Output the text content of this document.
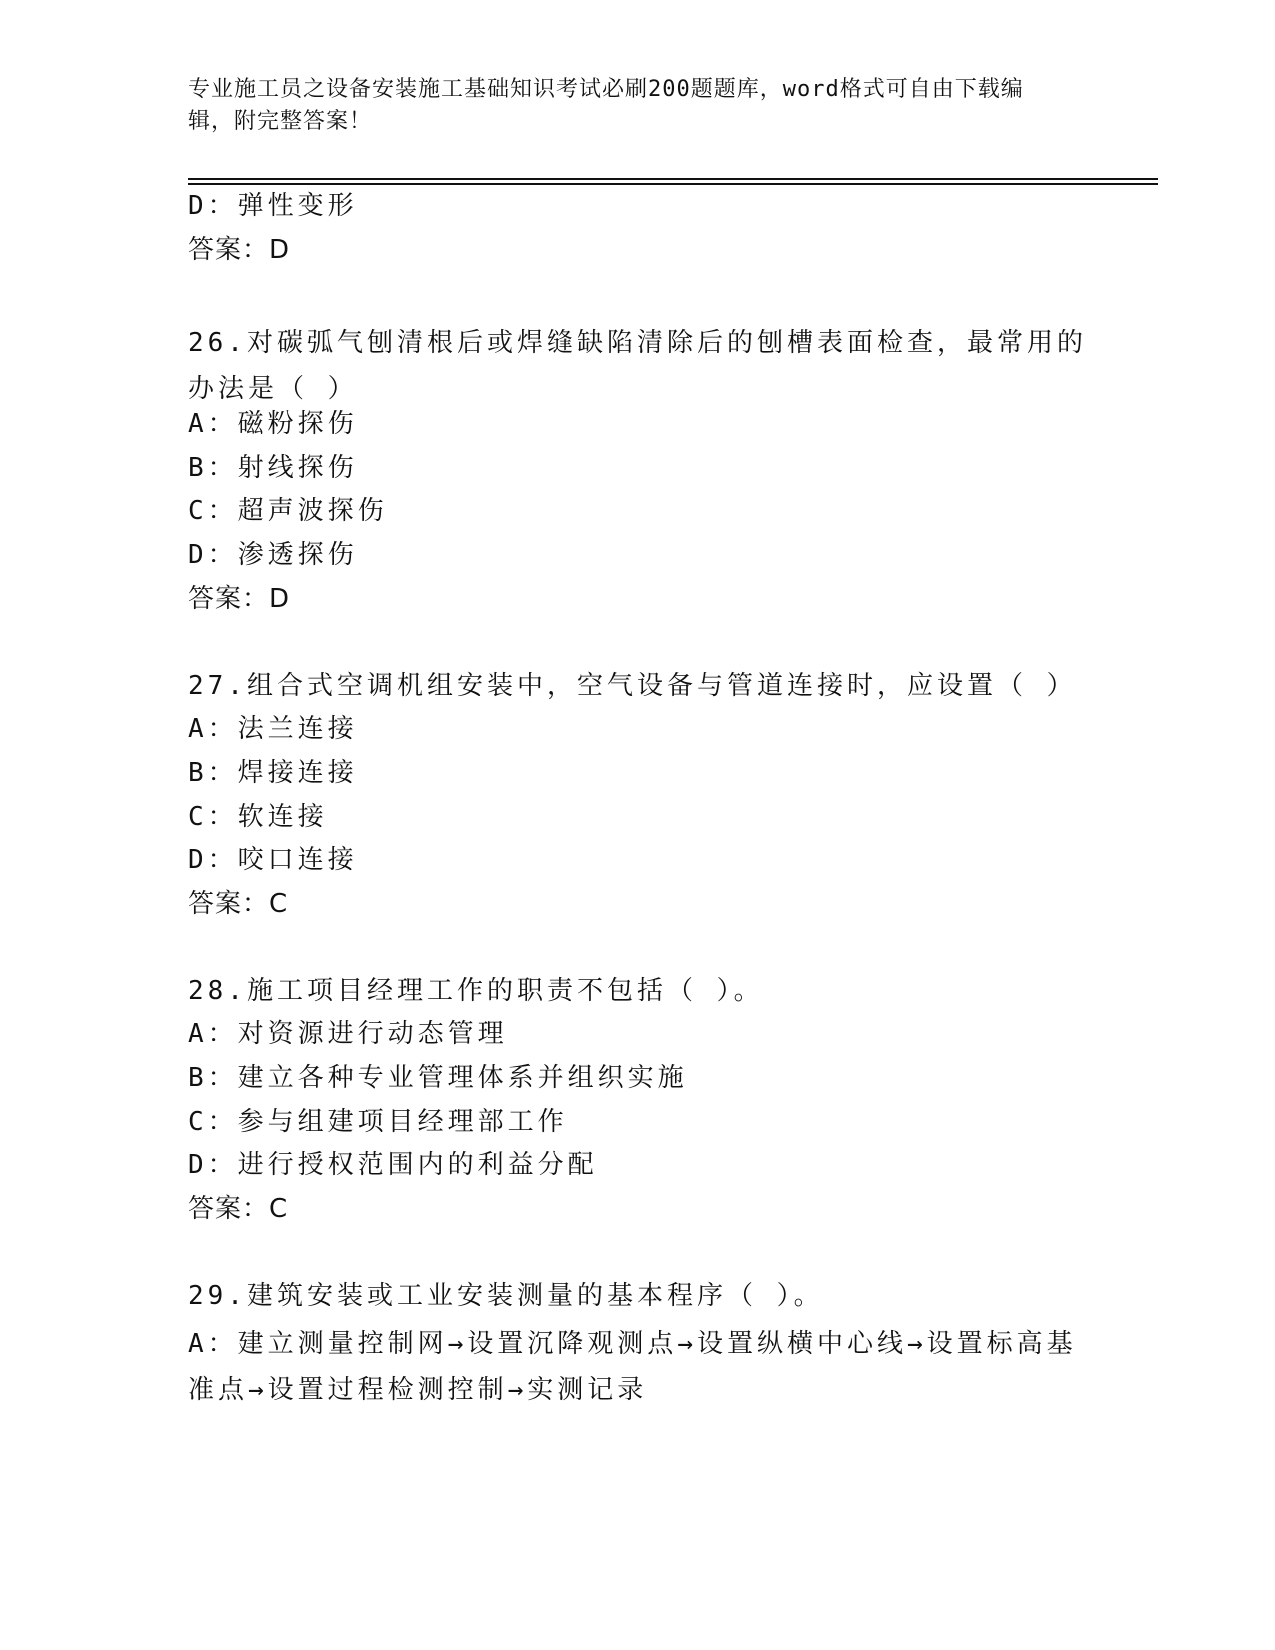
专业施工员之设备安装施工基础知识考试必刷200题题库，word格式可自由下载编辑，附完整答案！
D：弹性变形
答案：D
26.对碳弧气刨清根后或焊缝缺陷清除后的刨槽表面检查，最常用的办法是（ ）
A：磁粉探伤
B：射线探伤
C：超声波探伤
D：渗透探伤
答案：D
27.组合式空调机组安装中，空气设备与管道连接时，应设置（ ）
A：法兰连接
B：焊接连接
C：软连接
D：咬口连接
答案：C
28.施工项目经理工作的职责不包括（ ）。
A：对资源进行动态管理
B：建立各种专业管理体系并组织实施
C：参与组建项目经理部工作
D：进行授权范围内的利益分配
答案：C
29.建筑安装或工业安装测量的基本程序（ ）。
A：建立测量控制网→设置沉降观测点→设置纵横中心线→设置标高基准点→设置过程检测控制→实测记录
